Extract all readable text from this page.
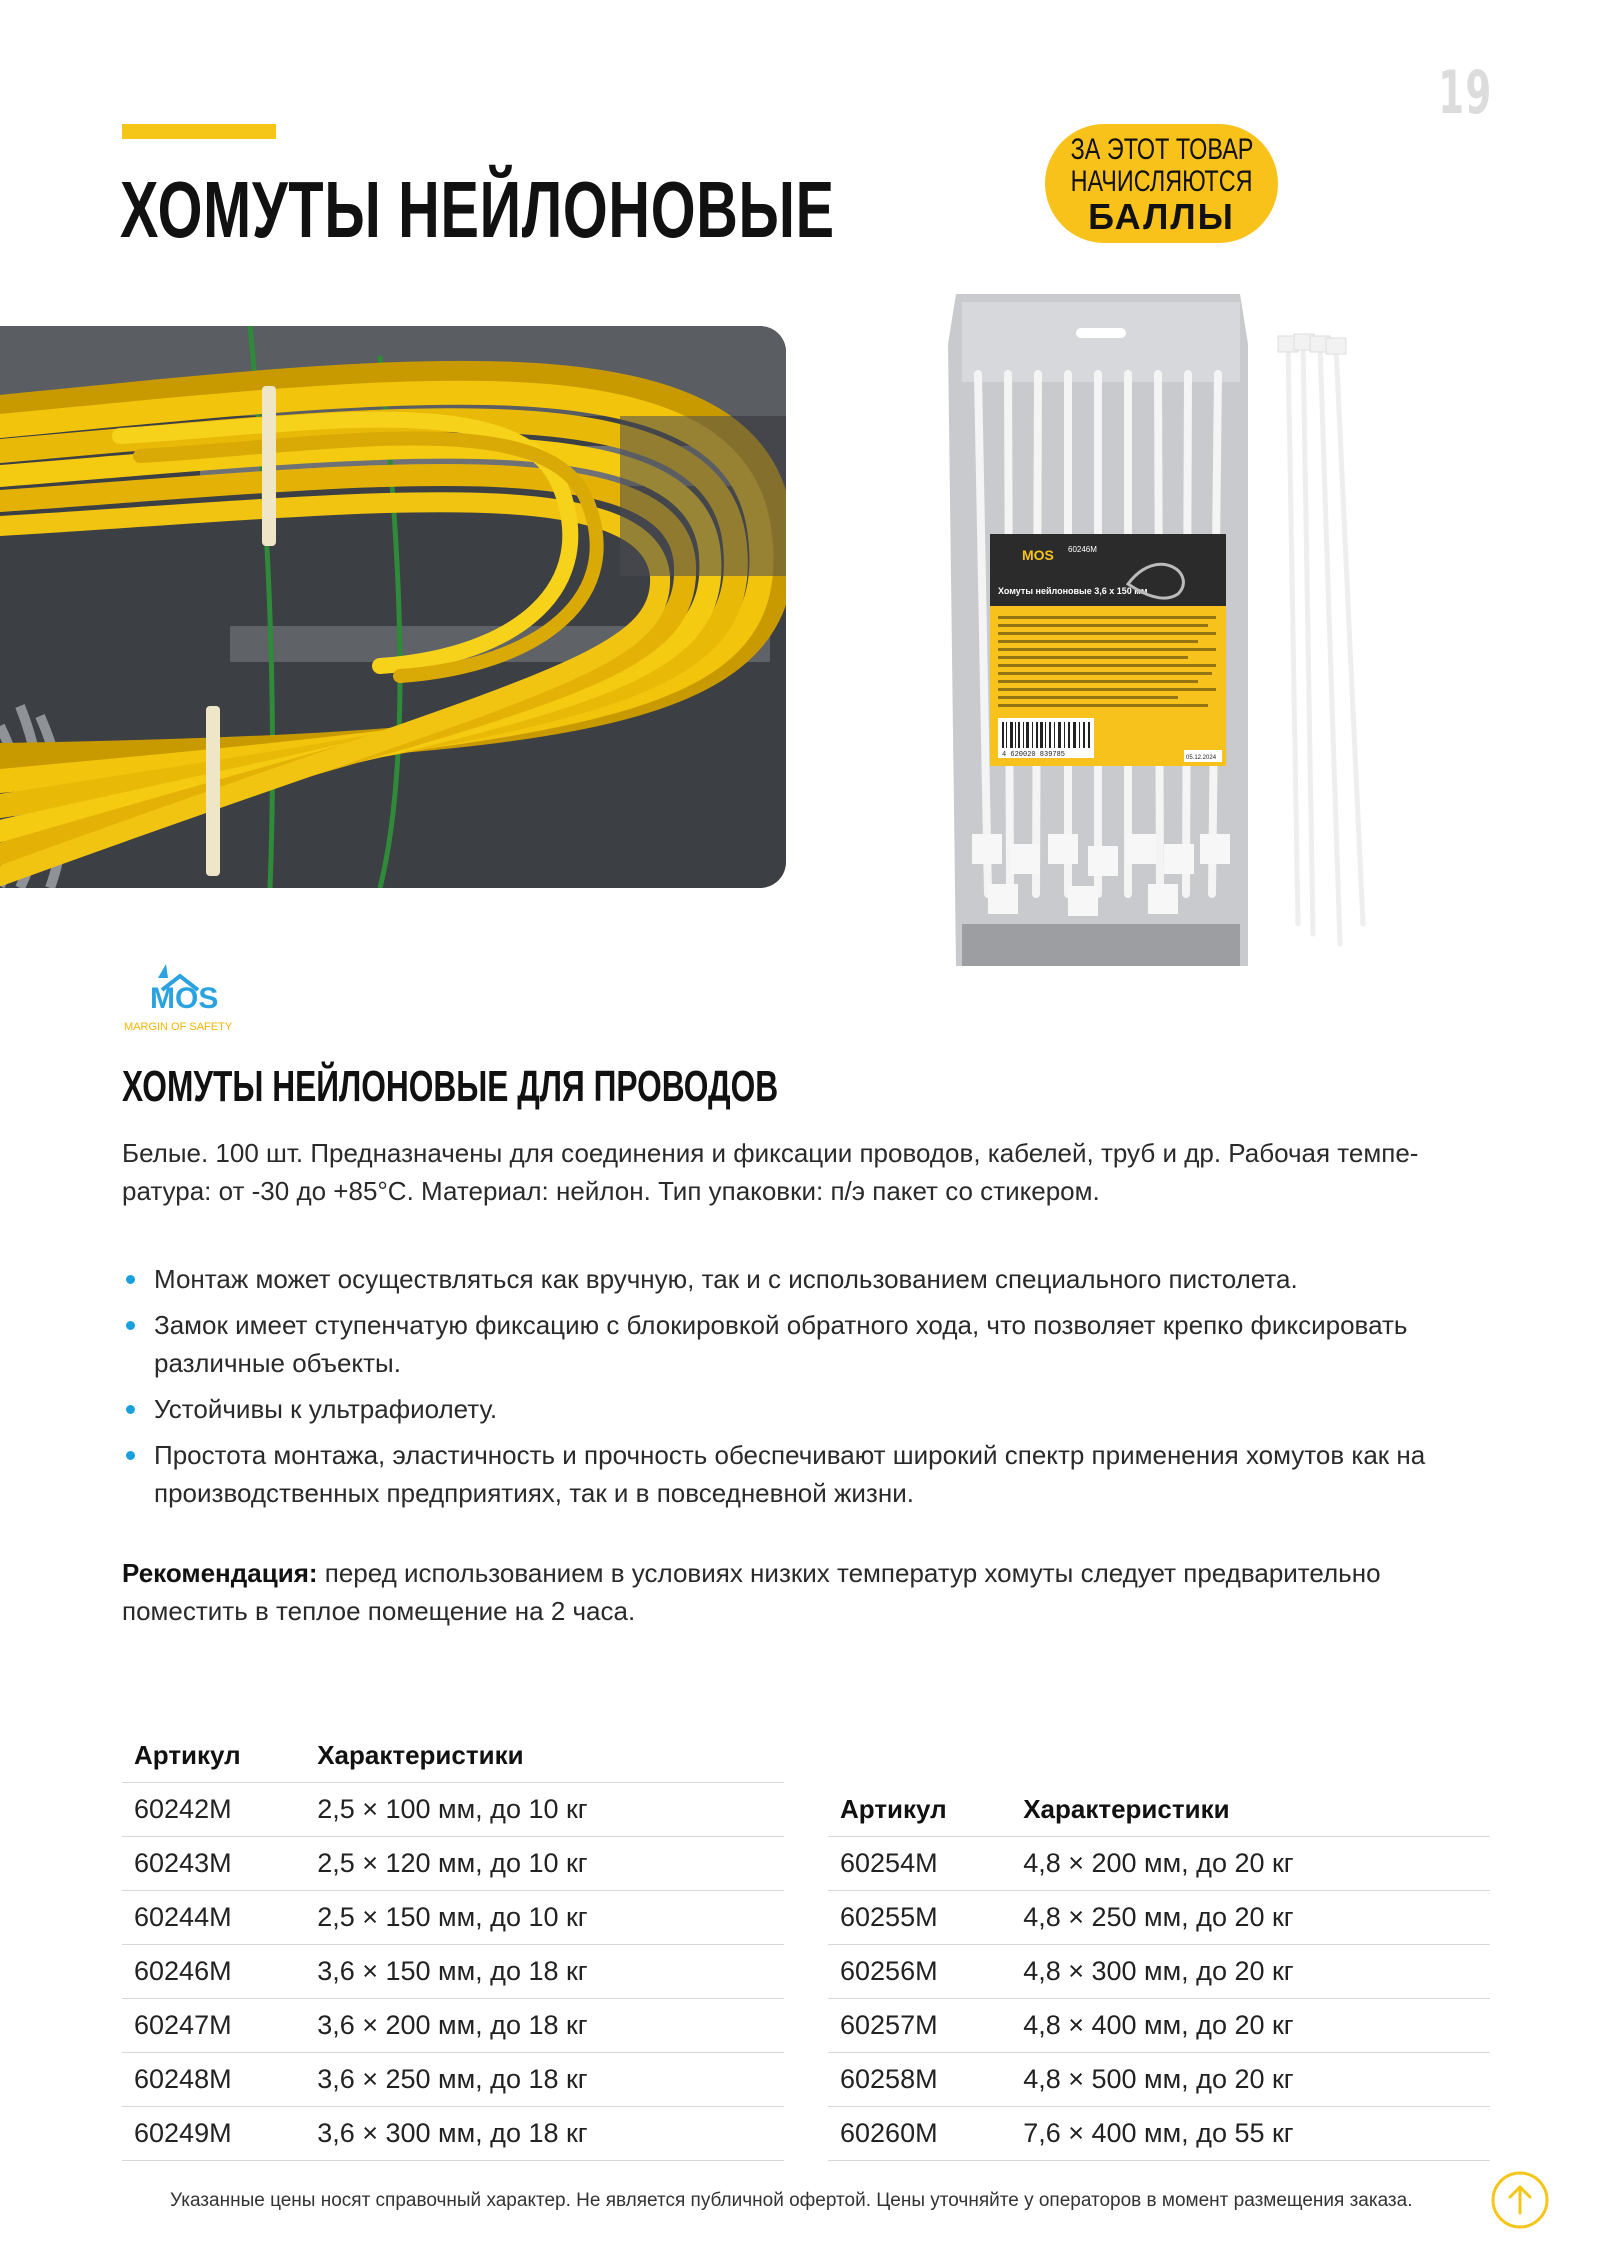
19
ХОМУТЫ НЕЙЛОНОВЫЕ
ЗА ЭТОТ ТОВАР
НАЧИСЛЯЮТСЯ
БАЛЛЫ
MOS 60246M
Хомуты нейлоновые 3,6 x 150 мм
4 620020 839785	05.12.2024
MOS
MARGIN OF SAFETY
ХОМУТЫ НЕЙЛОНОВЫЕ ДЛЯ ПРОВОДОВ
Белые. 100 шт. Предназначены для соединения и фиксации проводов, кабелей, труб и др. Рабочая темпе-ратура: от -30 до +85°С. Материал: нейлон. Тип упаковки: п/э пакет со стикером.
Монтаж может осуществляться как вручную, так и с использованием специального пистолета.
Замок имеет ступенчатую фиксацию с блокировкой обратного хода, что позволяет крепко фиксировать различные объекты.
Устойчивы к ультрафиолету.
Простота монтажа, эластичность и прочность обеспечивают широкий спектр применения хомутов как на производственных предприятиях, так и в повседневной жизни.
Рекомендация: перед использованием в условиях низких температур хомуты следует предварительно поместить в теплое помещение на 2 часа.
Артикул	Характеристики
60242M	2,5 × 100 мм, до 10 кг
60243M	2,5 × 120 мм, до 10 кг
60244M	2,5 × 150 мм, до 10 кг
60246M	3,6 × 150 мм, до 18 кг
60247M	3,6 × 200 мм, до 18 кг
60248M	3,6 × 250 мм, до 18 кг
60249M	3,6 × 300 мм, до 18 кг
Артикул	Характеристики
60254M	4,8 × 200 мм, до 20 кг
60255M	4,8 × 250 мм, до 20 кг
60256M	4,8 × 300 мм, до 20 кг
60257M	4,8 × 400 мм, до 20 кг
60258M	4,8 × 500 мм, до 20 кг
60260M	7,6 × 400 мм, до 55 кг
Указанные цены носят справочный характер. Не является публичной офертой. Цены уточняйте у операторов в момент размещения заказа.
